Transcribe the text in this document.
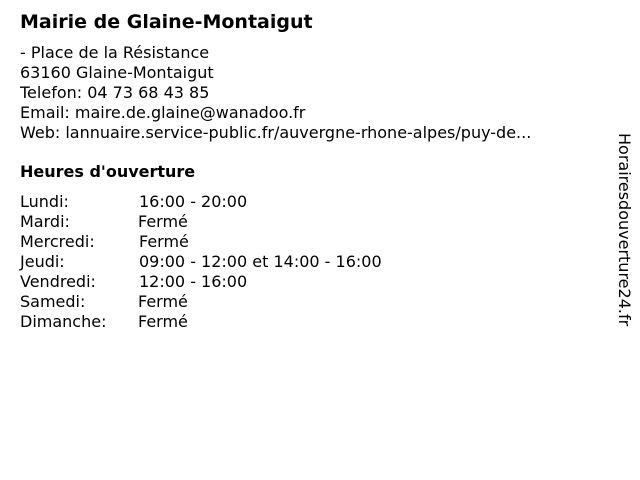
Mairie de Glaine-Montaigut
- Place de la Résistance
63160 Glaine-Montaigut
Telefon: 04 73 68 43 85
Email: maire.de.glaine@wanadoo.fr
Web: lannuaire.service-public.fr/auvergne-rhone-alpes/puy-de...
Heures d'ouverture
Lundi:	16:00 - 20:00
Mardi:	Fermé
Mercredi:	Fermé
Jeudi:	09:00 - 12:00 et 14:00 - 16:00
Vendredi:	12:00 - 16:00
Samedi:	Fermé
Dimanche: Fermé	Horairesdouverture24.fr
